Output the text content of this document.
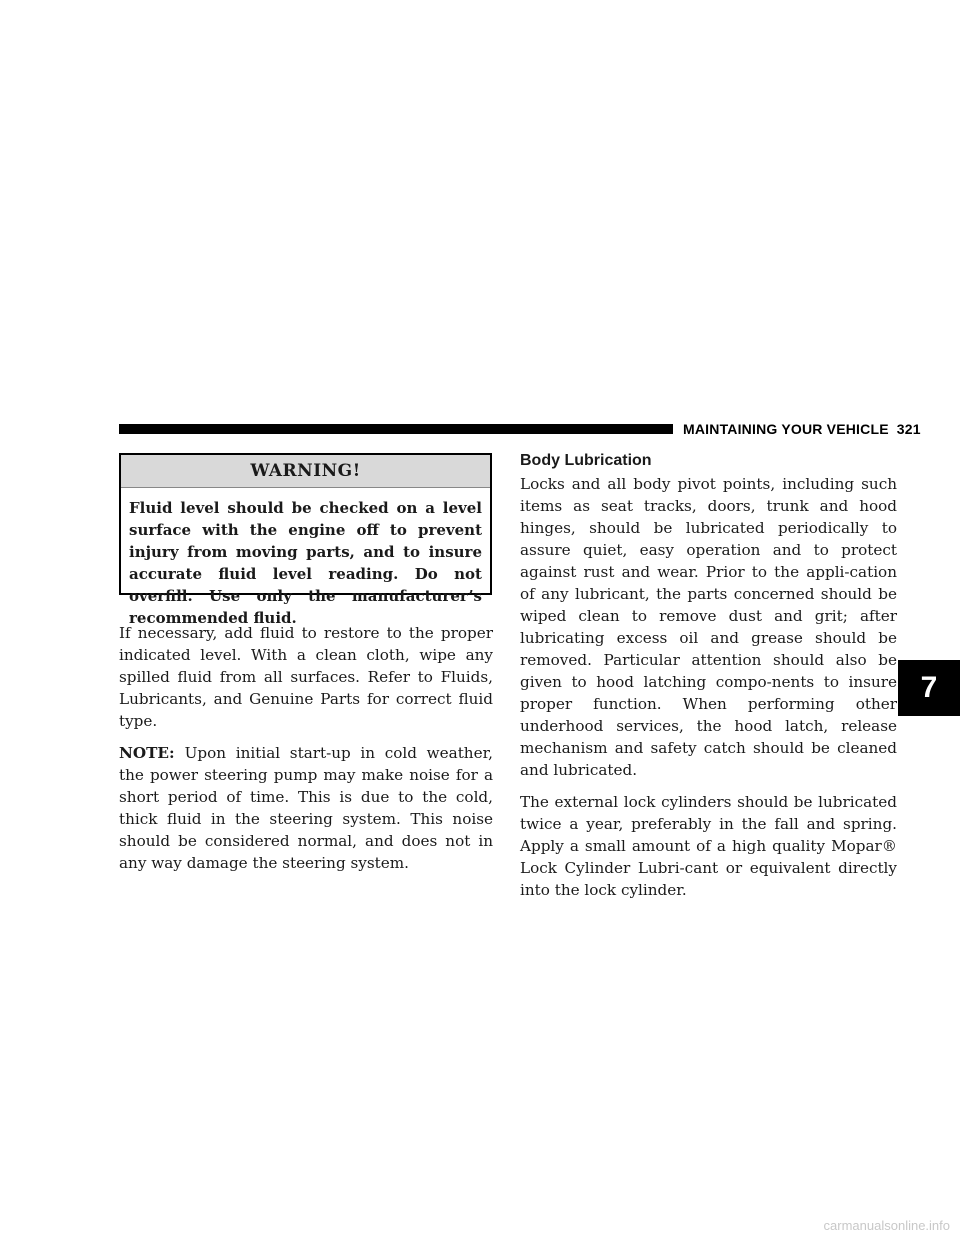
MAINTAINING YOUR VEHICLE 321
WARNING!
Fluid level should be checked on a level surface with the engine off to prevent injury from moving parts, and to insure accurate fluid level reading. Do not overfill. Use only the manufacturer’s recommended fluid.

If necessary, add fluid to restore to the proper indicated level. With a clean cloth, wipe any spilled fluid from all surfaces. Refer to Fluids, Lubricants, and Genuine Parts for correct fluid type.

NOTE: Upon initial start-up in cold weather, the power steering pump may make noise for a short period of time. This is due to the cold, thick fluid in the steering system. This noise should be considered normal, and does not in any way damage the steering system.

Body Lubrication

Locks and all body pivot points, including such items as seat tracks, doors, trunk and hood hinges, should be lubricated periodically to assure quiet, easy operation and to protect against rust and wear. Prior to the appli-cation of any lubricant, the parts concerned should be wiped clean to remove dust and grit; after lubricating excess oil and grease should be removed. Particular attention should also be given to hood latching compo-nents to insure proper function. When performing other underhood services, the hood latch, release mechanism and safety catch should be cleaned and lubricated.

The external lock cylinders should be lubricated twice a year, preferably in the fall and spring. Apply a small amount of a high quality Mopar® Lock Cylinder Lubri-cant or equivalent directly into the lock cylinder.

7
carmanualsonline.info
